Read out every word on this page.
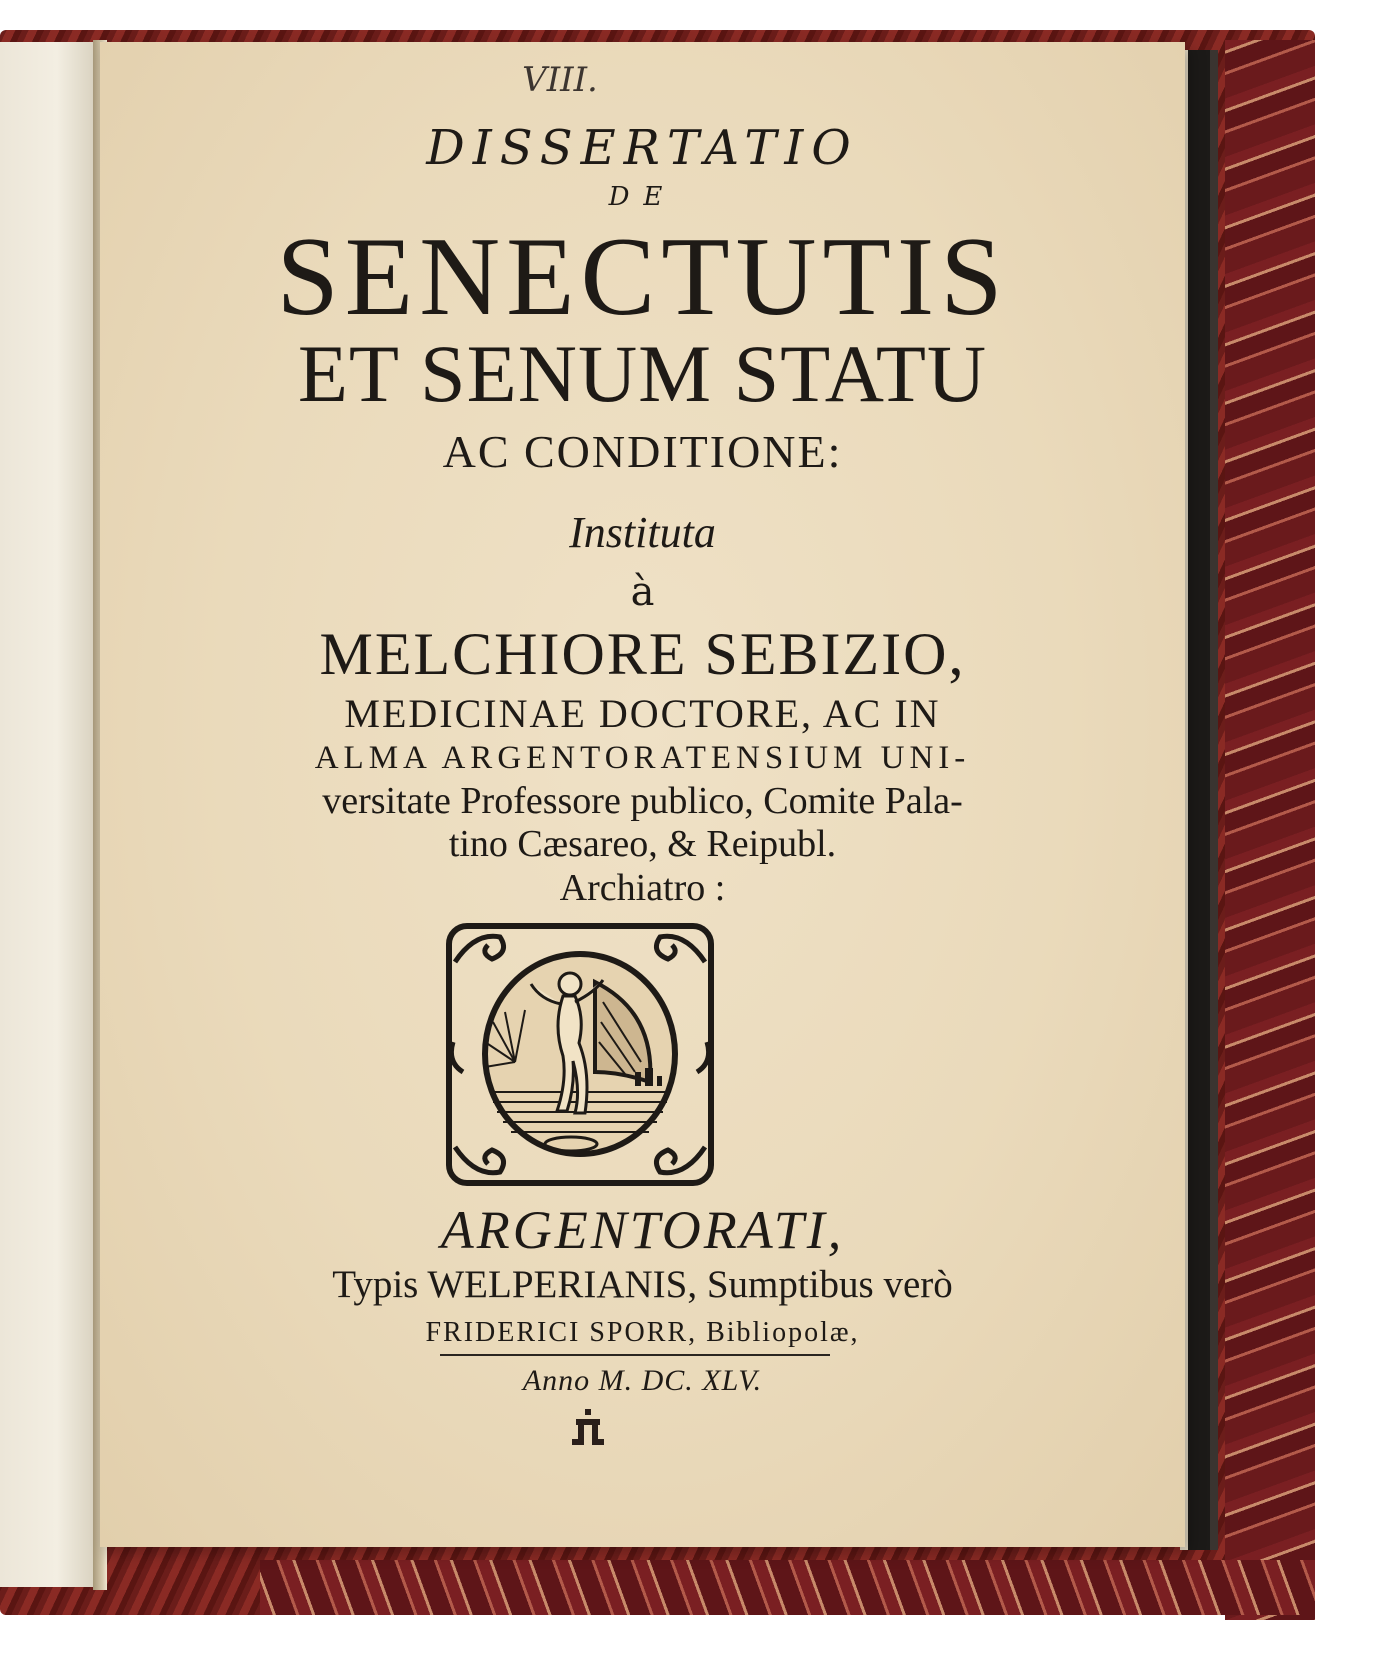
VIII.
DISSERTATIO
DE
SENECTUTIS
ET SENUM STATU
AC CONDITIONE:
Instituta
à
MELCHIORE SEBIZIO,
MEDICINAE DOCTORE, AC IN
ALMA ARGENTORATENSIUM UNI-
versitate Professore publico, Comite Pala-
tino Cæsareo, & Reipubl.
Archiatro :
ARGENTORATI,
Typis WELPERIANIS, Sumptibus verò
FRIDERICI SPORR, Bibliopolæ,
Anno M. DC. XLV.
